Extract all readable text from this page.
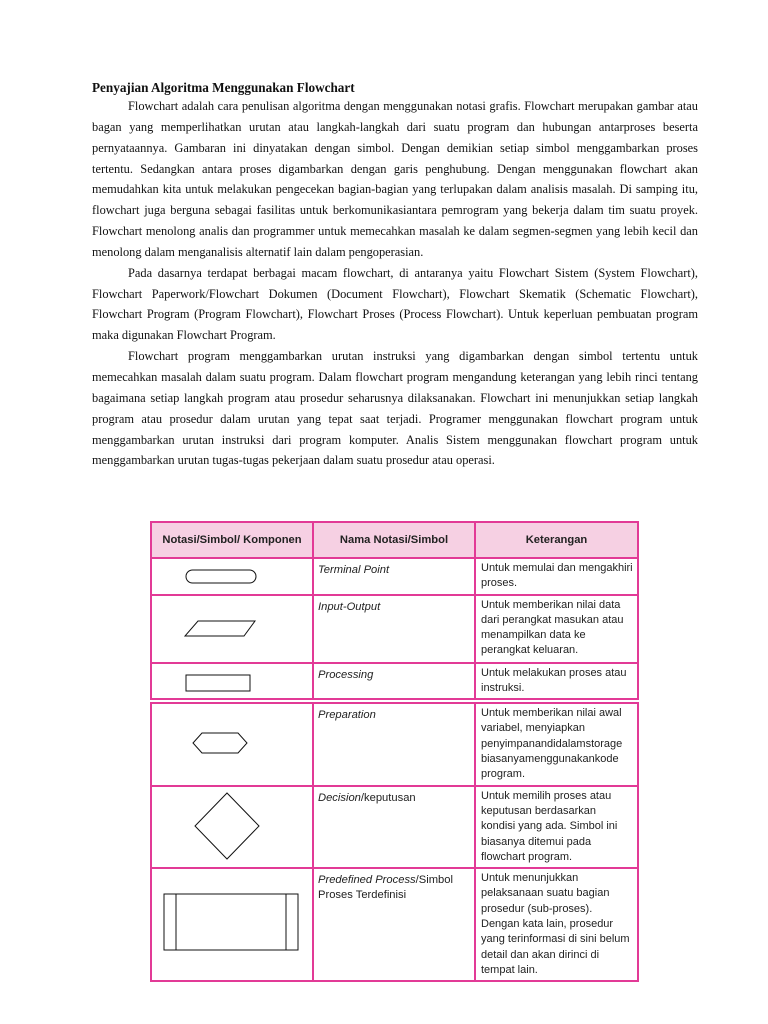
Penyajian Algoritma Menggunakan Flowchart

Flowchart adalah cara penulisan algoritma dengan menggunakan notasi grafis. Flowchart merupakan gambar atau bagan yang memperlihatkan urutan atau langkah-langkah dari suatu program dan hubungan antarproses beserta pernyataannya. Gambaran ini dinyatakan dengan simbol. Dengan demikian setiap simbol menggambarkan proses tertentu. Sedangkan antara proses digambarkan dengan garis penghubung. Dengan menggunakan flowchart akan memudahkan kita untuk melakukan pengecekan bagian-bagian yang terlupakan dalam analisis masalah. Di samping itu, flowchart juga berguna sebagai fasilitas untuk berkomunikasiantara pemrogram yang bekerja dalam tim suatu proyek. Flowchart menolong analis dan programmer untuk memecahkan masalah ke dalam segmen-segmen yang lebih kecil dan menolong dalam menganalisis alternatif lain dalam pengoperasian.

Pada dasarnya terdapat berbagai macam flowchart, di antaranya yaitu Flowchart Sistem (System Flowchart), Flowchart Paperwork/Flowchart Dokumen (Document Flowchart), Flowchart Skematik (Schematic Flowchart), Flowchart Program (Program Flowchart), Flowchart Proses (Process Flowchart). Untuk keperluan pembuatan program maka digunakan Flowchart Program.

Flowchart program menggambarkan urutan instruksi yang digambarkan dengan simbol tertentu untuk memecahkan masalah dalam suatu program. Dalam flowchart program mengandung keterangan yang lebih rinci tentang bagaimana setiap langkah program atau prosedur seharusnya dilaksanakan. Flowchart ini menunjukkan setiap langkah program atau prosedur dalam urutan yang tepat saat terjadi. Programer menggunakan flowchart program untuk menggambarkan urutan instruksi dari program komputer. Analis Sistem menggunakan flowchart program untuk menggambarkan urutan tugas-tugas pekerjaan dalam suatu prosedur atau operasi.

Notasi/Simbol/ Komponen	Nama Notasi/Simbol	Keterangan

	Terminal Point	Untuk memulai dan mengakhiri proses.

	Input-Output	Untuk memberikan nilai data dari perangkat masukan atau menampilkan data ke perangkat keluaran.

	Processing	Untuk melakukan proses atau instruksi.

	Preparation	Untuk memberikan nilai awal variabel, menyiapkan penyimpanandidalamstorage biasanyamenggunakankode program.

	Decision/keputusan	Untuk memilih proses atau keputusan berdasarkan kondisi yang ada. Simbol ini biasanya ditemui pada flowchart program.

	Predefined Process/Simbol Proses Terdefinisi	Untuk menunjukkan pelaksanaan suatu bagian prosedur (sub-proses). Dengan kata lain, prosedur yang terinformasi di sini belum detail dan akan dirinci di tempat lain.
